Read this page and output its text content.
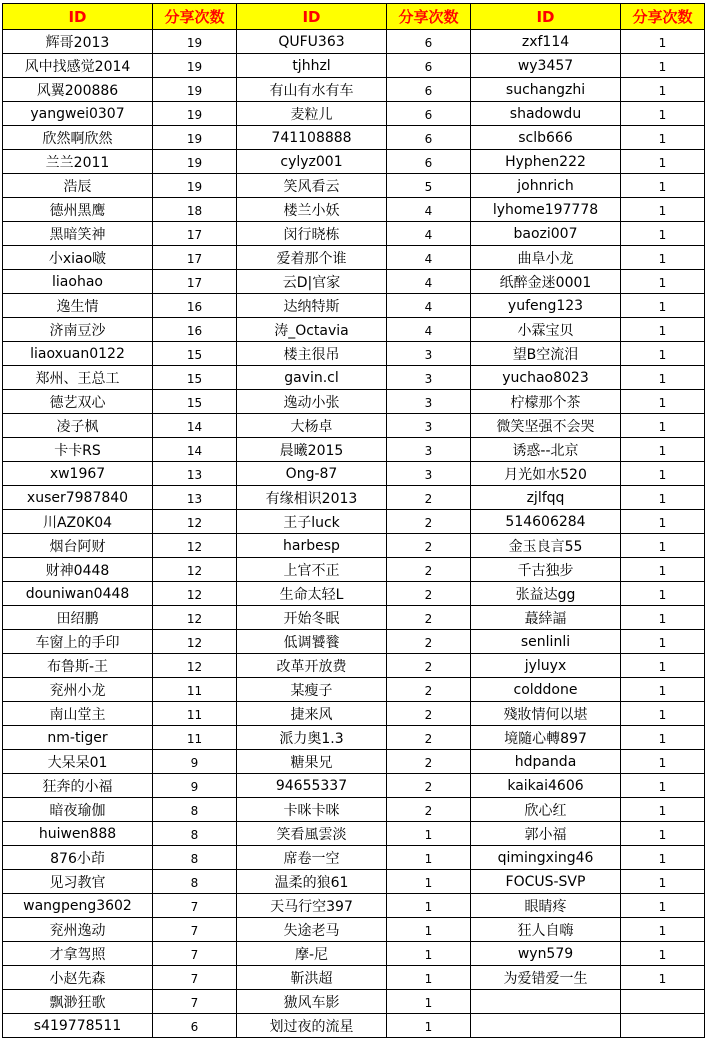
ID	分享次数	ID	分享次数	ID	分享次数
辉哥2013	19	QUFU363	6	zxf114	1
风中找感觉2014	19	tjhhzl	6	wy3457	1
风翼200886	19	有山有水有车	6	suchangzhi	1
yangwei0307	19	麦粒儿	6	shadowdu	1
欣然啊欣然	19	741108888	6	sclb666	1
兰兰2011	19	cylyz001	6	Hyphen222	1
浩辰	19	笑风看云	5	johnrich	1
德州黑鹰	18	楼兰小妖	4	lyhome197778	1
黑暗笑神	17	闵行晓栋	4	baozi007	1
小xiao啵	17	爱着那个谁	4	曲阜小龙	1
liaohao	17	云D|官家	4	纸醉金迷0001	1
逸生情	16	达纳特斯	4	yufeng123	1
济南豆沙	16	涛_Octavia	4	小霖宝贝	1
liaoxuan0122	15	楼主很吊	3	望B空流泪	1
郑州、王总工	15	gavin.cl	3	yuchao8023	1
德艺双心	15	逸动小张	3	柠檬那个茶	1
凌子枫	14	大杨卓	3	微笑坚强不会哭	1
卡卡RS	14	晨曦2015	3	诱惑--北京	1
xw1967	13	Ong-87	3	月光如水520	1
xuser7987840	13	有缘相识2013	2	zjlfqq	1
川AZ0K04	12	王子luck	2	514606284	1
烟台阿财	12	harbesp	2	金玉良言55	1
财神0448	12	上官不正	2	千古独步	1
douniwan0448	12	生命太轻L	2	张益达gg	1
田绍鹏	12	开始冬眠	2	蕞緈諨	1
车窗上的手印	12	低调饕餮	2	senlinli	1
布鲁斯-王	12	改革开放费	2	jyluyx	1
兖州小龙	11	某瘦子	2	colddone	1
南山堂主	11	捷来风	2	殘妝情何以堪	1
nm-tiger	11	派力奥1.3	2	境隨心轉897	1
大呆呆01	9	糖果兄	2	hdpanda	1
狂奔的小福	9	94655337	2	kaikai4606	1
暗夜瑜伽	8	卡咪卡咪	2	欣心红	1
huiwen888	8	笑看風雲淡	1	郭小福	1
876小茚	8	席卷一空	1	qimingxing46	1
见习教官	8	温柔的狼61	1	FOCUS-SVP	1
wangpeng3602	7	天马行空397	1	眼睛疼	1
兖州逸动	7	失途老马	1	狂人自嗨	1
才拿驾照	7	摩-尼	1	wyn579	1
小赵先森	7	靳洪超	1	为爱错爱一生	1
飘渺狂歌	7	獓风车影	1		
s419778511	6	划过夜的流星	1		
